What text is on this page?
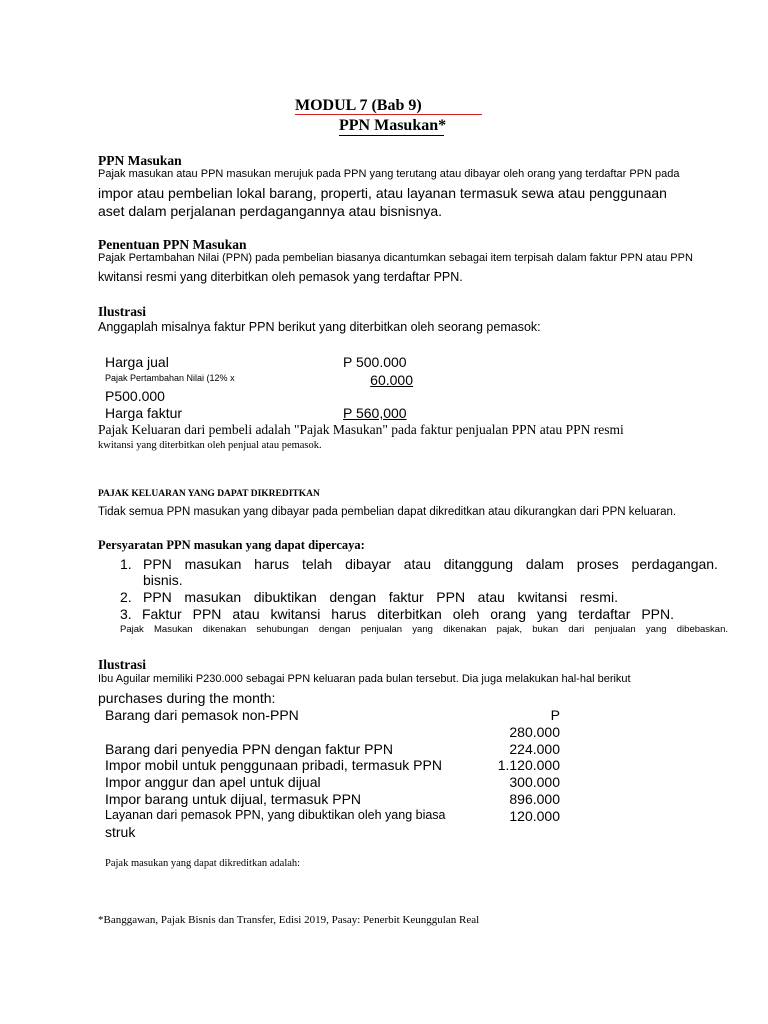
MODUL 7 (Bab 9)
PPN Masukan*
PPN Masukan
Pajak masukan atau PPN masukan merujuk pada PPN yang terutang atau dibayar oleh orang yang terdaftar PPN pada
impor atau pembelian lokal barang, properti, atau layanan termasuk sewa atau penggunaan
aset dalam perjalanan perdagangannya atau bisnisnya.
Penentuan PPN Masukan
Pajak Pertambahan Nilai (PPN) pada pembelian biasanya dicantumkan sebagai item terpisah dalam faktur PPN atau PPN
kwitansi resmi yang diterbitkan oleh pemasok yang terdaftar PPN.
Ilustrasi
Anggaplah misalnya faktur PPN berikut yang diterbitkan oleh seorang pemasok:
Harga jual	P 500.000
Pajak Pertambahan Nilai (12% x	60.000
P500.000
Harga faktur	P 560,000
Pajak Keluaran dari pembeli adalah "Pajak Masukan" pada faktur penjualan PPN atau PPN resmi
kwitansi yang diterbitkan oleh penjual atau pemasok.
PAJAK KELUARAN YANG DAPAT DIKREDITKAN
Tidak semua PPN masukan yang dibayar pada pembelian dapat dikreditkan atau dikurangkan dari PPN keluaran.
Persyaratan PPN masukan yang dapat dipercaya:
1. PPN masukan harus telah dibayar atau ditanggung dalam proses perdagangan.
bisnis.
2. PPN masukan dibuktikan dengan faktur PPN atau kwitansi resmi.
3. Faktur PPN atau kwitansi harus diterbitkan oleh orang yang terdaftar PPN.
Pajak Masukan dikenakan sehubungan dengan penjualan yang dikenakan pajak, bukan dari penjualan yang dibebaskan.
Ilustrasi
Ibu Aguilar memiliki P230.000 sebagai PPN keluaran pada bulan tersebut. Dia juga melakukan hal-hal berikut
purchases during the month:
Barang dari pemasok non-PPN	P
280.000
Barang dari penyedia PPN dengan faktur PPN	224.000
Impor mobil untuk penggunaan pribadi, termasuk PPN	1.120.000
Impor anggur dan apel untuk dijual	300.000
Impor barang untuk dijual, termasuk PPN	896.000
Layanan dari pemasok PPN, yang dibuktikan oleh yang biasa	120.000
struk
Pajak masukan yang dapat dikreditkan adalah:
*Banggawan, Pajak Bisnis dan Transfer, Edisi 2019, Pasay: Penerbit Keunggulan Real
